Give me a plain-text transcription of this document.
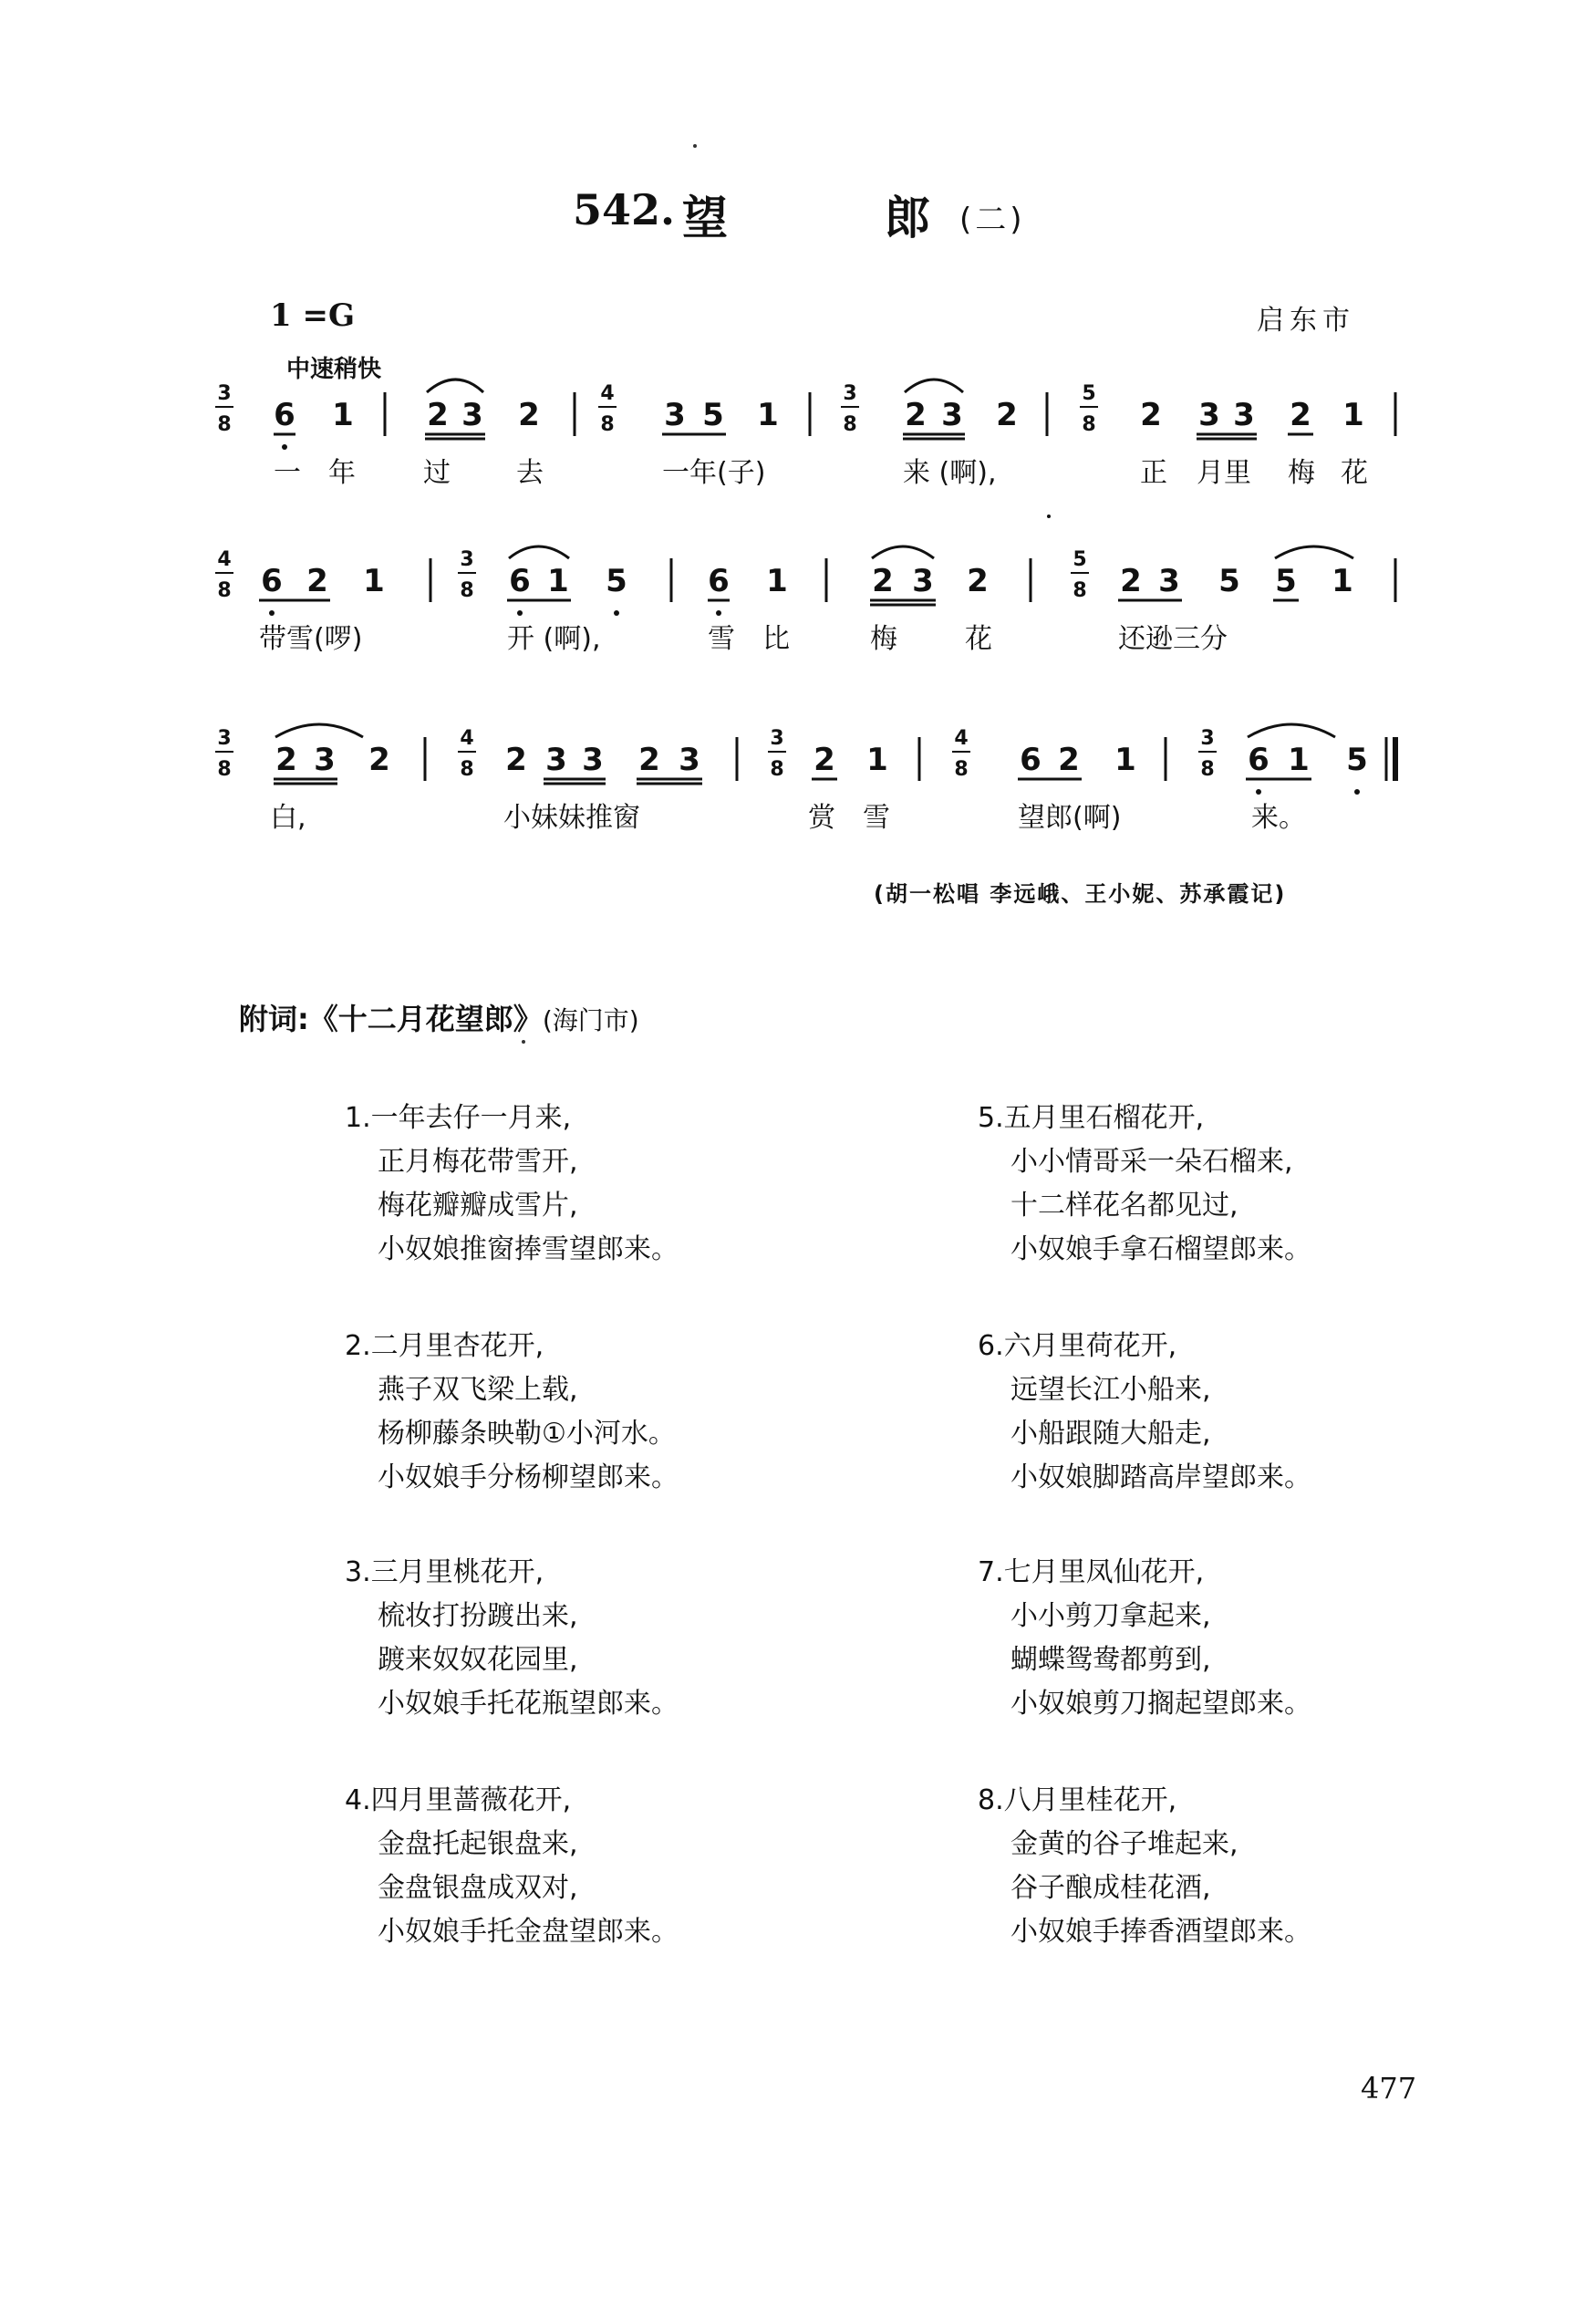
542. 望	郎 (二)
1 =G	启东市
中速稍快
3
8
4
8
3
8
5
8
4
8
3
8
5
8
3
8
4
8
3
8
4
8
3
8
6 1 2 3 2	3 5 1	2 3 2	2 3 3 2 1
6 2 1	6 1 5	6 1	2 3 2	2 3 5 5 1
2 3 2	2 3 3 2 3	2 1	6 2 1	6 1 5
一 年 过 去	一年(子)	来 (啊),	正 月里 梅 花
带雪(啰)	开 (啊),	雪 比	梅 花	还逊三分
白,	小妹妹推窗	赏 雪	望郎(啊)	来。
(胡一松唱 李远峨、王小妮、苏承霞记)
附词:《十二月花望郎》(海门市)
1.一年去仔一月来,
正月梅花带雪开,
梅花瓣瓣成雪片,
小奴娘推窗捧雪望郎来。
2.二月里杏花开,
燕子双飞梁上载,
杨柳藤条映勒①小河水。
小奴娘手分杨柳望郎来。
3.三月里桃花开,
梳妆打扮踱出来,
踱来奴奴花园里,
小奴娘手托花瓶望郎来。
4.四月里蔷薇花开,
金盘托起银盘来,
金盘银盘成双对,
小奴娘手托金盘望郎来。
5.五月里石榴花开,
小小情哥采一朵石榴来,
十二样花名都见过,
小奴娘手拿石榴望郎来。
6.六月里荷花开,
远望长江小船来,
小船跟随大船走,
小奴娘脚踏高岸望郎来。
7.七月里凤仙花开,
小小剪刀拿起来,
蝴蝶鸳鸯都剪到,
小奴娘剪刀搁起望郎来。
8.八月里桂花开,
金黄的谷子堆起来,
谷子酿成桂花酒,
小奴娘手捧香酒望郎来。
477
